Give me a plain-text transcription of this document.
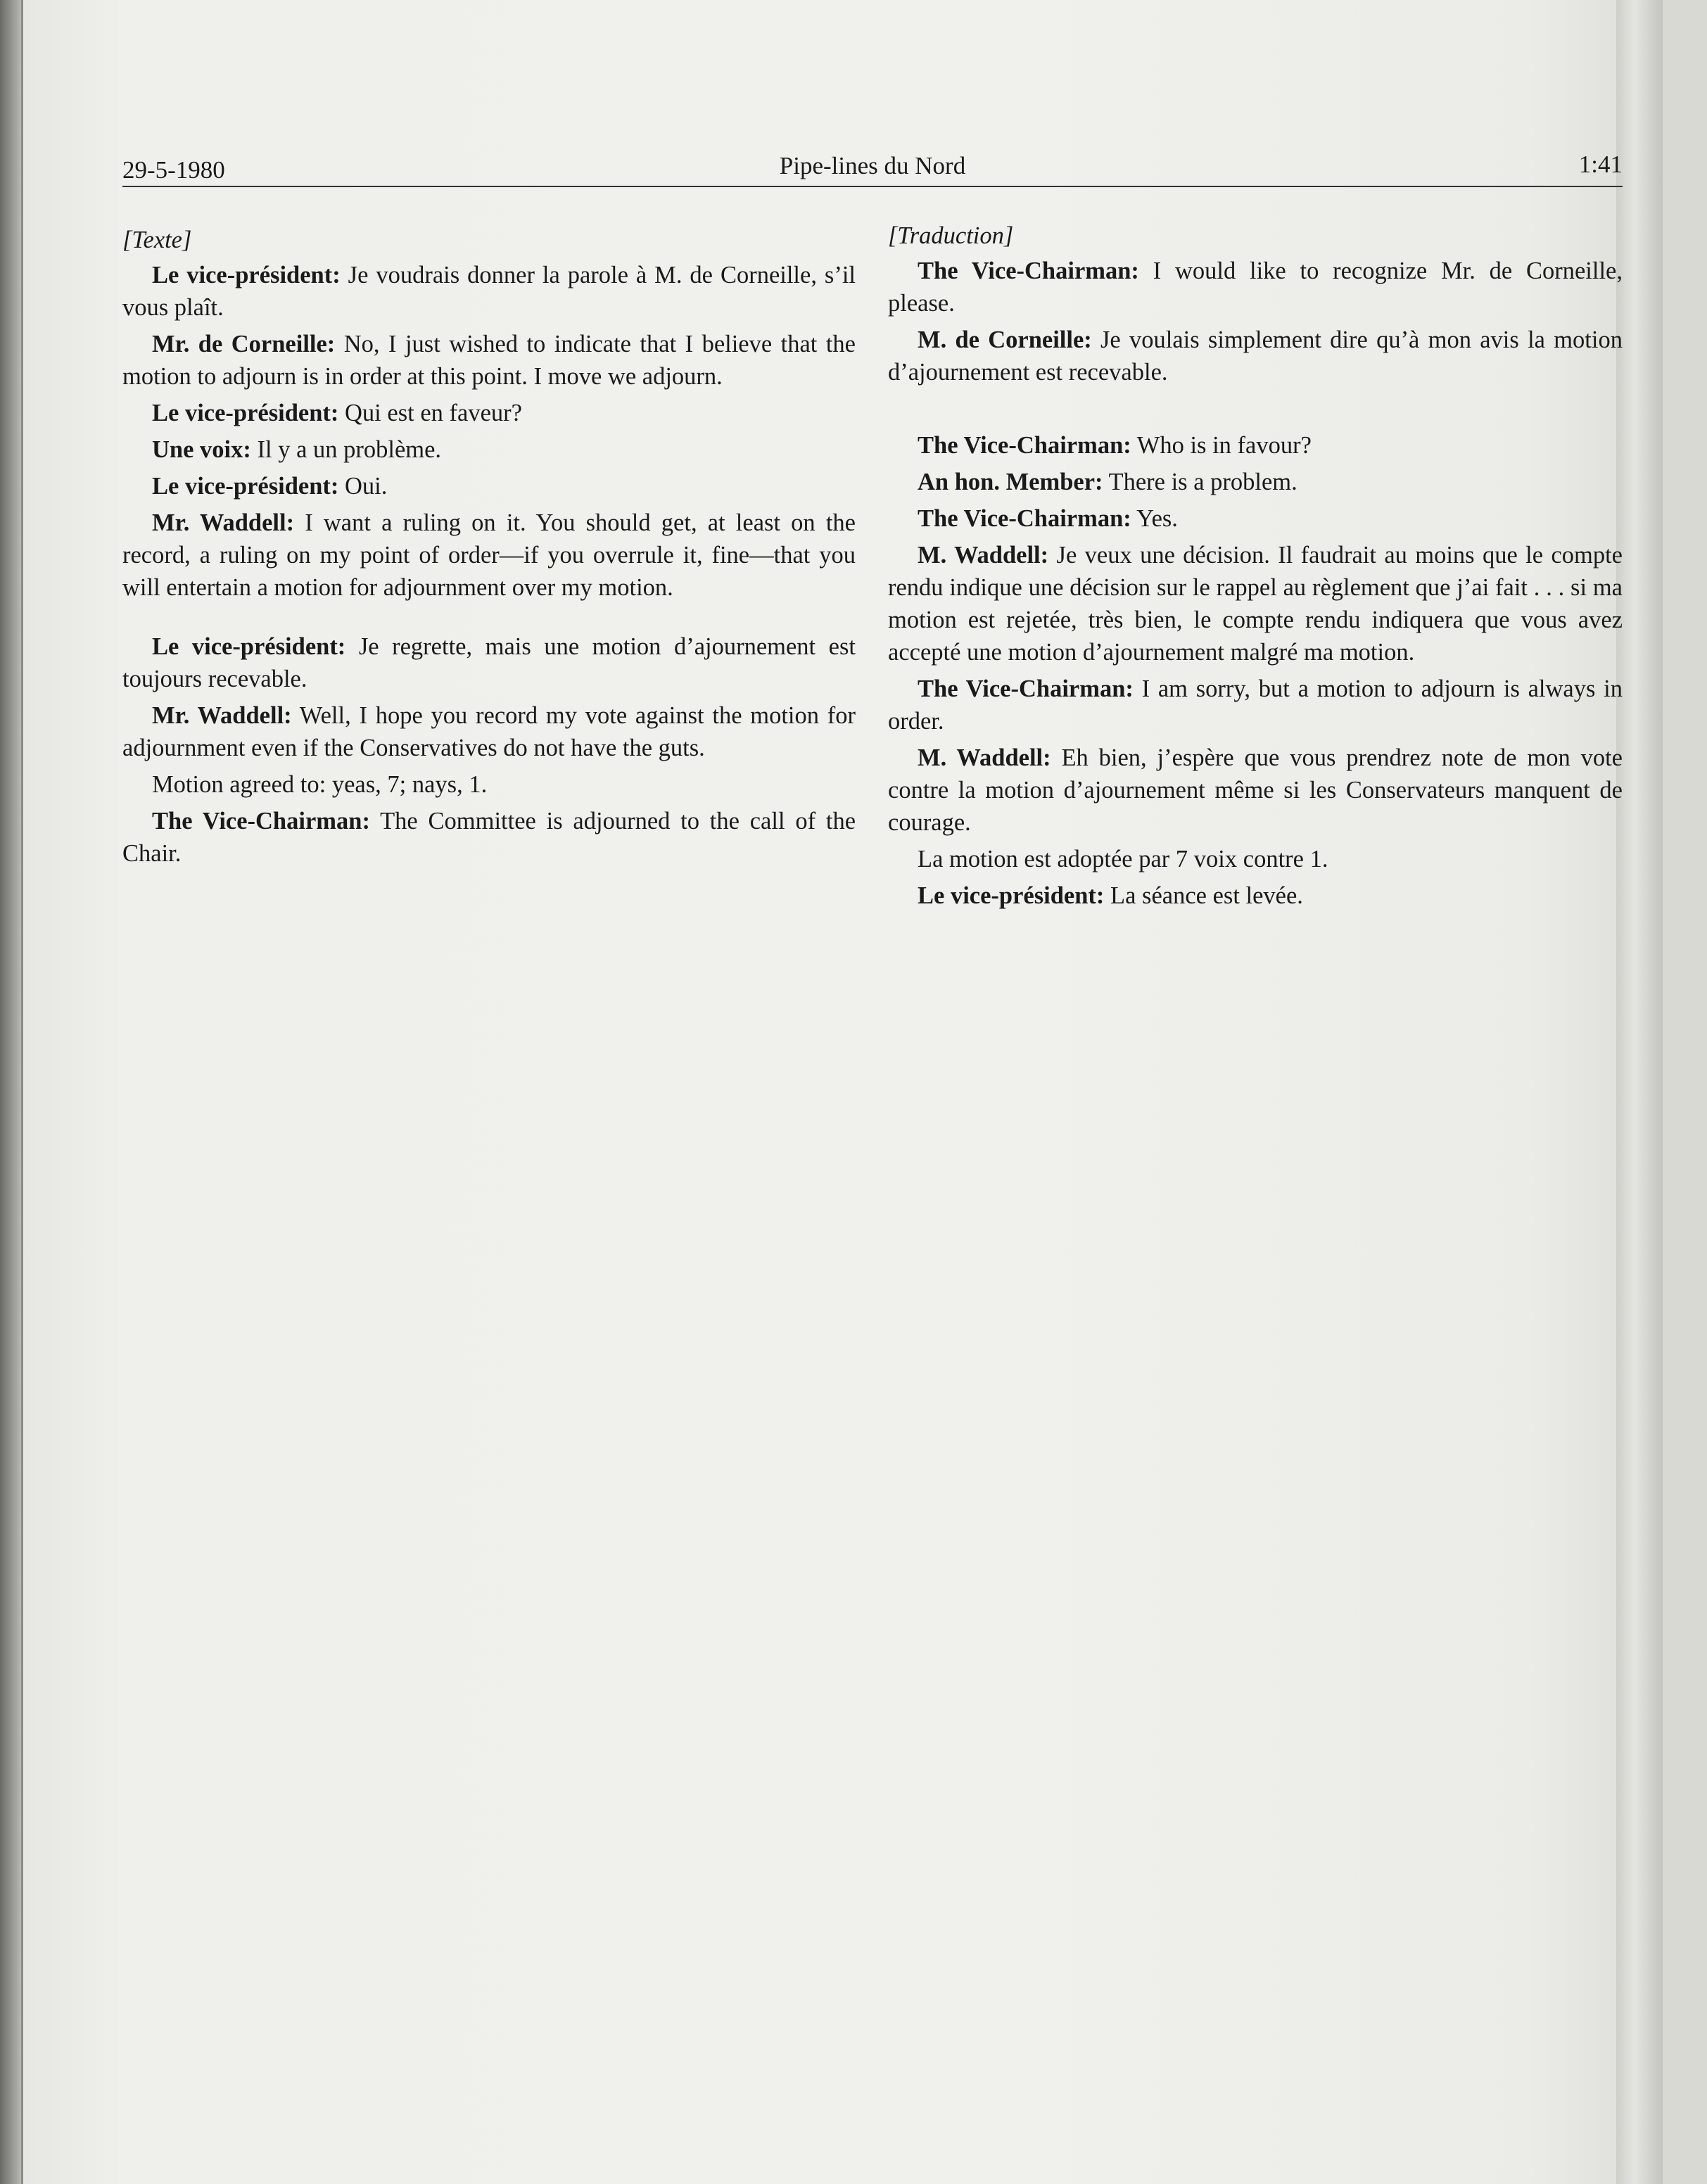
29-5-1980	Pipe-lines du Nord	1:41

[Texte]

Le vice-président: Je voudrais donner la parole à M. de Corneille, s’il vous plaît.

Mr. de Corneille: No, I just wished to indicate that I believe that the motion to adjourn is in order at this point. I move we adjourn.

Le vice-président: Qui est en faveur?

Une voix: Il y a un problème.

Le vice-président: Oui.

Mr. Waddell: I want a ruling on it. You should get, at least on the record, a ruling on my point of order—if you overrule it, fine—that you will entertain a motion for adjournment over my motion.

Le vice-président: Je regrette, mais une motion d’ajournement est toujours recevable.

Mr. Waddell: Well, I hope you record my vote against the motion for adjournment even if the Conservatives do not have the guts.

Motion agreed to: yeas, 7; nays, 1.

The Vice-Chairman: The Committee is adjourned to the call of the Chair.

[Traduction]

The Vice-Chairman: I would like to recognize Mr. de Corneille, please.

M. de Corneille: Je voulais simplement dire qu’à mon avis la motion d’ajournement est recevable.

The Vice-Chairman: Who is in favour?

An hon. Member: There is a problem.

The Vice-Chairman: Yes.

M. Waddell: Je veux une décision. Il faudrait au moins que le compte rendu indique une décision sur le rappel au règlement que j’ai fait . . . si ma motion est rejetée, très bien, le compte rendu indiquera que vous avez accepté une motion d’ajournement malgré ma motion.

The Vice-Chairman: I am sorry, but a motion to adjourn is always in order.

M. Waddell: Eh bien, j’espère que vous prendrez note de mon vote contre la motion d’ajournement même si les Conservateurs manquent de courage.

La motion est adoptée par 7 voix contre 1.

Le vice-président: La séance est levée.
